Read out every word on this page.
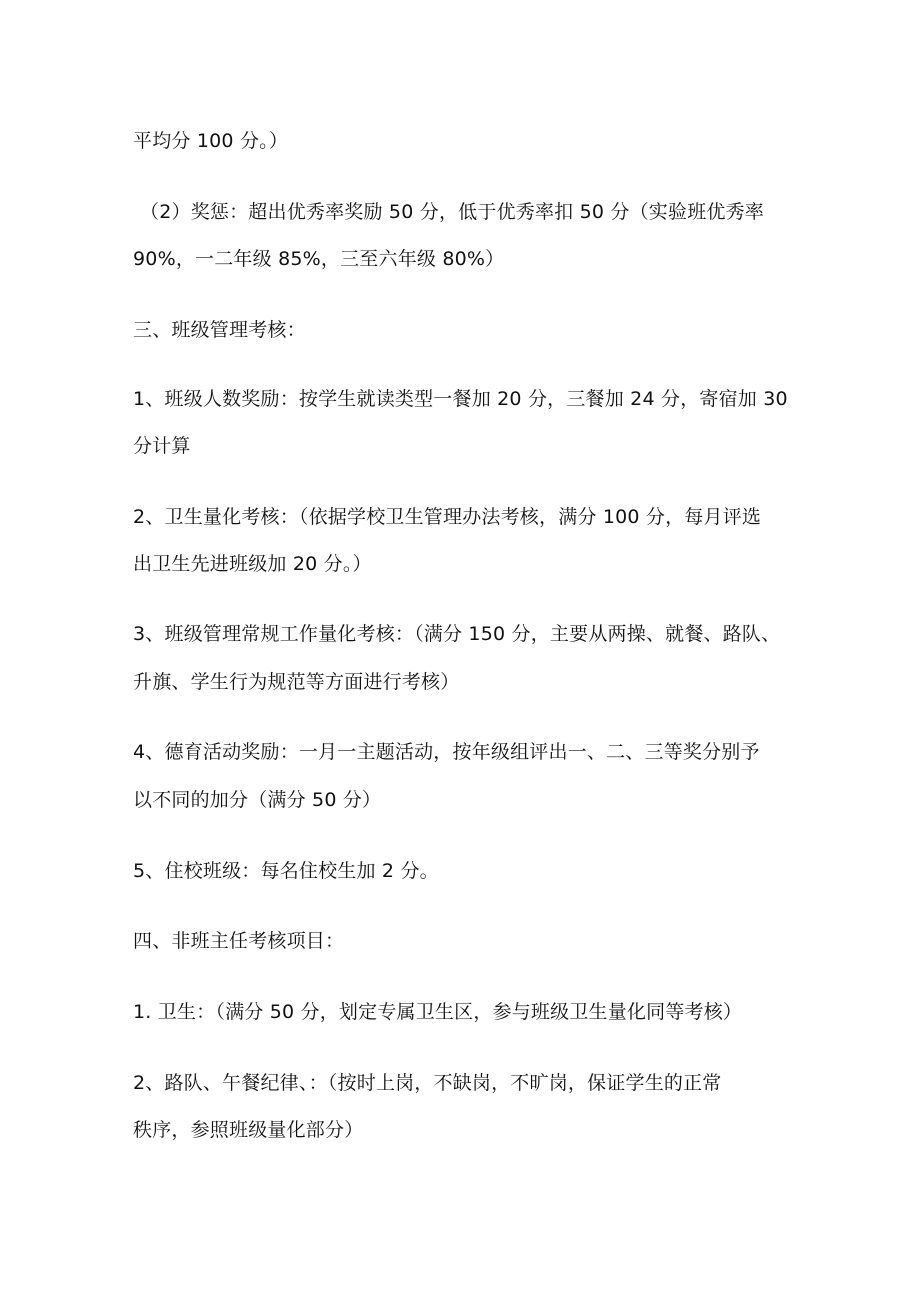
平均分 100 分。）
（2）奖惩：超出优秀率奖励 50 分，低于优秀率扣 50 分（实验班优秀率
90%，一二年级 85%，三至六年级 80%）
三、班级管理考核：
1、班级人数奖励：按学生就读类型一餐加 20 分，三餐加 24 分，寄宿加 30
分计算
2、卫生量化考核：（依据学校卫生管理办法考核，满分 100 分，每月评选
出卫生先进班级加 20 分。）
3、班级管理常规工作量化考核：（满分 150 分，主要从两操、就餐、路队、
升旗、学生行为规范等方面进行考核）
4、德育活动奖励：一月一主题活动，按年级组评出一、二、三等奖分别予
以不同的加分（满分 50 分）
5、住校班级：每名住校生加 2 分。
四、非班主任考核项目：
1. 卫生：（满分 50 分，划定专属卫生区，参与班级卫生量化同等考核）
2、路队、午餐纪律、：（按时上岗，不缺岗，不旷岗，保证学生的正常
秩序，参照班级量化部分）
